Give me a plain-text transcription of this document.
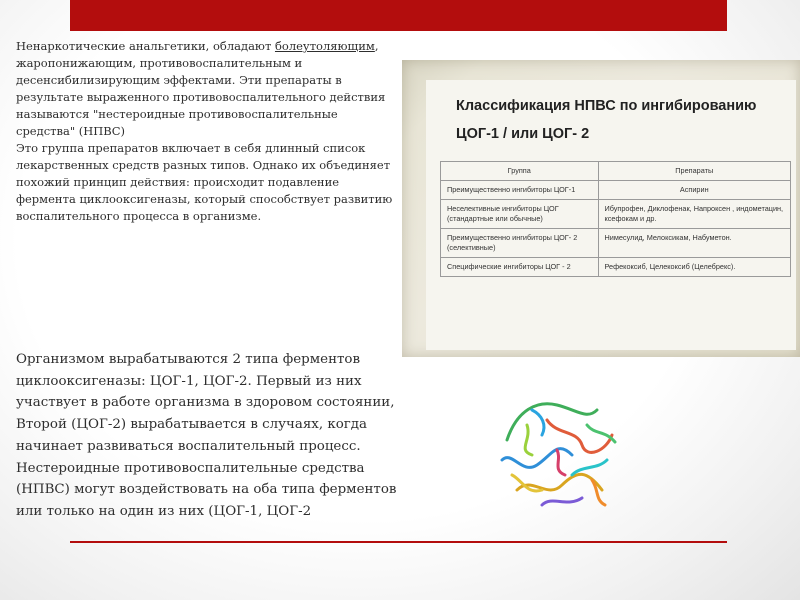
Ненаркотические анальгетики, обладают болеутоляющим, жаропонижающим, противовоспалительным и десенсибилизирующим эффектами. Эти препараты в результате выраженного противовоспалительного действия называются "нестероидные противовоспалительные средства" (НПВС)

Это группа препаратов включает в себя длинный список лекарственных средств разных типов. Однако их объединяет похожий принцип действия: происходит подавление фермента циклооксигеназы, который способствует развитию воспалительного процесса в организме.

Классификация НПВС по ингибированию ЦОГ-1 / или ЦОГ- 2
Группа	Препараты
Преимущественно ингибиторы ЦОГ-1	Аспирин
Неселективные ингибиторы ЦОГ (стандартные или обычные)	Ибупрофен, Диклофенак, Напроксен , индометацин, ксефокам и др.
Преимущественно ингибиторы ЦОГ- 2 (селективные)	Нимесулид, Мелоксикам, Набуметон.
Специфические ингибиторы ЦОГ - 2	Рефекоксиб, Целекоксиб (Целебрекс).
Организмом вырабатываются 2 типа ферментов циклооксигеназы: ЦОГ-1, ЦОГ-2. Первый из них участвует в работе организма в здоровом состоянии, Второй (ЦОГ-2) вырабатывается в случаях, когда начинает развиваться воспалительный процесс. Нестероидные противовоспалительные средства (НПВС) могут воздействовать на оба типа ферментов или только на один из них (ЦОГ-1, ЦОГ-2
